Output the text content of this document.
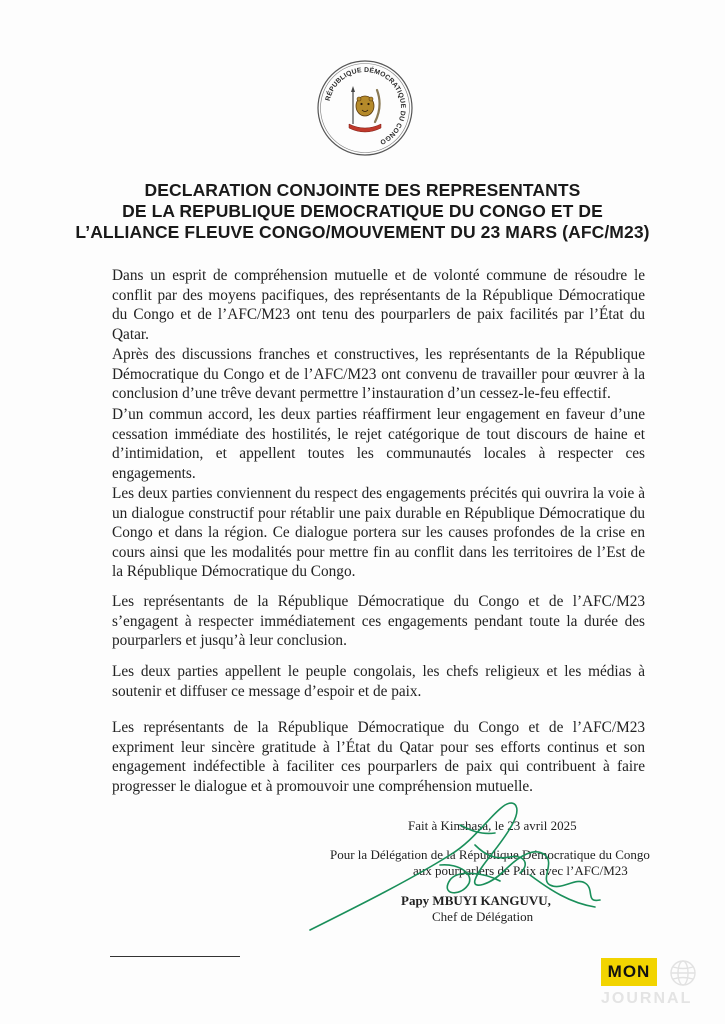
RÉPUBLIQUE DÉMOCRATIQUE DU CONGO
DECLARATION CONJOINTE DES REPRESENTANTS
DE LA REPUBLIQUE DEMOCRATIQUE DU CONGO ET DE
L’ALLIANCE FLEUVE CONGO/MOUVEMENT DU 23 MARS (AFC/M23)

Dans un esprit de compréhension mutuelle et de volonté commune de résoudre le conflit par des moyens pacifiques, des représentants de la République Démocratique du Congo et de l’AFC/M23 ont tenu des pourparlers de paix facilités par l’État du Qatar.

Après des discussions franches et constructives, les représentants de la République Démocratique du Congo et de l’AFC/M23 ont convenu de travailler pour œuvrer à la conclusion d’une trêve devant permettre l’instauration d’un cessez-le-feu effectif.

D’un commun accord, les deux parties réaffirment leur engagement en faveur d’une cessation immédiate des hostilités, le rejet catégorique de tout discours de haine et d’intimidation, et appellent toutes les communautés locales à respecter ces engagements.

Les deux parties conviennent du respect des engagements précités qui ouvrira la voie à un dialogue constructif pour rétablir une paix durable en République Démocratique du Congo et dans la région. Ce dialogue portera sur les causes profondes de la crise en cours ainsi que les modalités pour mettre fin au conflit dans les territoires de l’Est de la République Démocratique du Congo.

Les représentants de la République Démocratique du Congo et de l’AFC/M23 s’engagent à respecter immédiatement ces engagements pendant toute la durée des pourparlers et jusqu’à leur conclusion.

Les deux parties appellent le peuple congolais, les chefs religieux et les médias à soutenir et diffuser ce message d’espoir et de paix.

Les représentants de la République Démocratique du Congo et de l’AFC/M23 expriment leur sincère gratitude à l’État du Qatar pour ses efforts continus et son engagement indéfectible à faciliter ces pourparlers de paix qui contribuent à faire progresser le dialogue et à promouvoir une compréhension mutuelle.

Fait à Kinshasa, le 23 avril 2025
Pour la Délégation de la République Démocratique du Congo
aux pourparlers de Paix avec l’AFC/M23
Papy MBUYI KANGUVU,
Chef de Délégation
MON
JOURNAL
